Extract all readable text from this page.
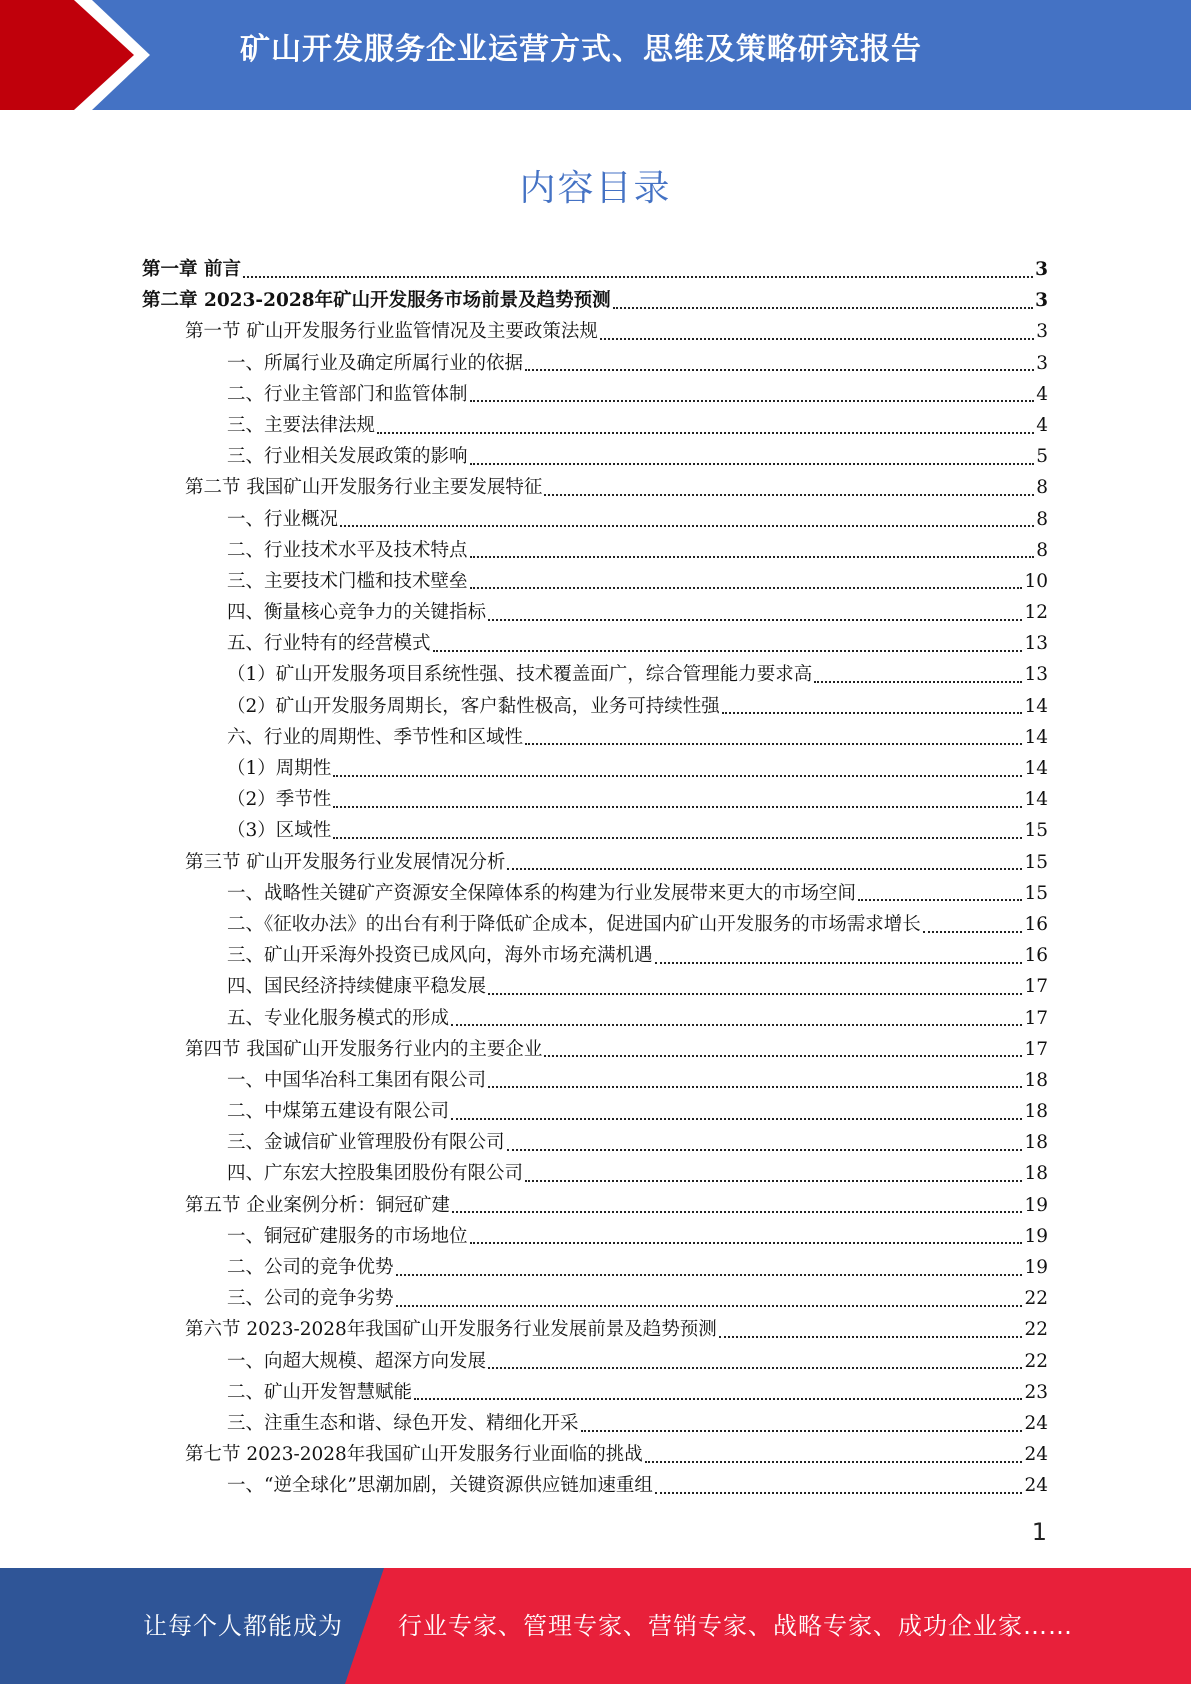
矿山开发服务企业运营方式、思维及策略研究报告
内容目录
第一章 前言	3
第二章 2023-2028年矿山开发服务市场前景及趋势预测	3
第一节 矿山开发服务行业监管情况及主要政策法规	3
一、所属行业及确定所属行业的依据	3
二、行业主管部门和监管体制	4
三、主要法律法规	4
三、行业相关发展政策的影响	5
第二节 我国矿山开发服务行业主要发展特征	8
一、行业概况	8
二、行业技术水平及技术特点	8
三、主要技术门槛和技术壁垒	10
四、衡量核心竞争力的关键指标	12
五、行业特有的经营模式	13
（1）矿山开发服务项目系统性强、技术覆盖面广，综合管理能力要求高	13
（2）矿山开发服务周期长，客户黏性极高，业务可持续性强	14
六、行业的周期性、季节性和区域性	14
（1）周期性	14
（2）季节性	14
（3）区域性	15
第三节 矿山开发服务行业发展情况分析	15
一、战略性关键矿产资源安全保障体系的构建为行业发展带来更大的市场空间	15
二、《征收办法》的出台有利于降低矿企成本，促进国内矿山开发服务的市场需求增长	16
三、矿山开采海外投资已成风向，海外市场充满机遇	16
四、国民经济持续健康平稳发展	17
五、专业化服务模式的形成	17
第四节 我国矿山开发服务行业内的主要企业	17
一、中国华冶科工集团有限公司	18
二、中煤第五建设有限公司	18
三、金诚信矿业管理股份有限公司	18
四、广东宏大控股集团股份有限公司	18
第五节 企业案例分析：铜冠矿建	19
一、铜冠矿建服务的市场地位	19
二、公司的竞争优势	19
三、公司的竞争劣势	22
第六节 2023-2028年我国矿山开发服务行业发展前景及趋势预测	22
一、向超大规模、超深方向发展	22
二、矿山开发智慧赋能	23
三、注重生态和谐、绿色开发、精细化开采	24
第七节 2023-2028年我国矿山开发服务行业面临的挑战	24
一、“逆全球化”思潮加剧，关键资源供应链加速重组	24
1
让每个人都能成为 行业专家、管理专家、营销专家、战略专家、成功企业家……
